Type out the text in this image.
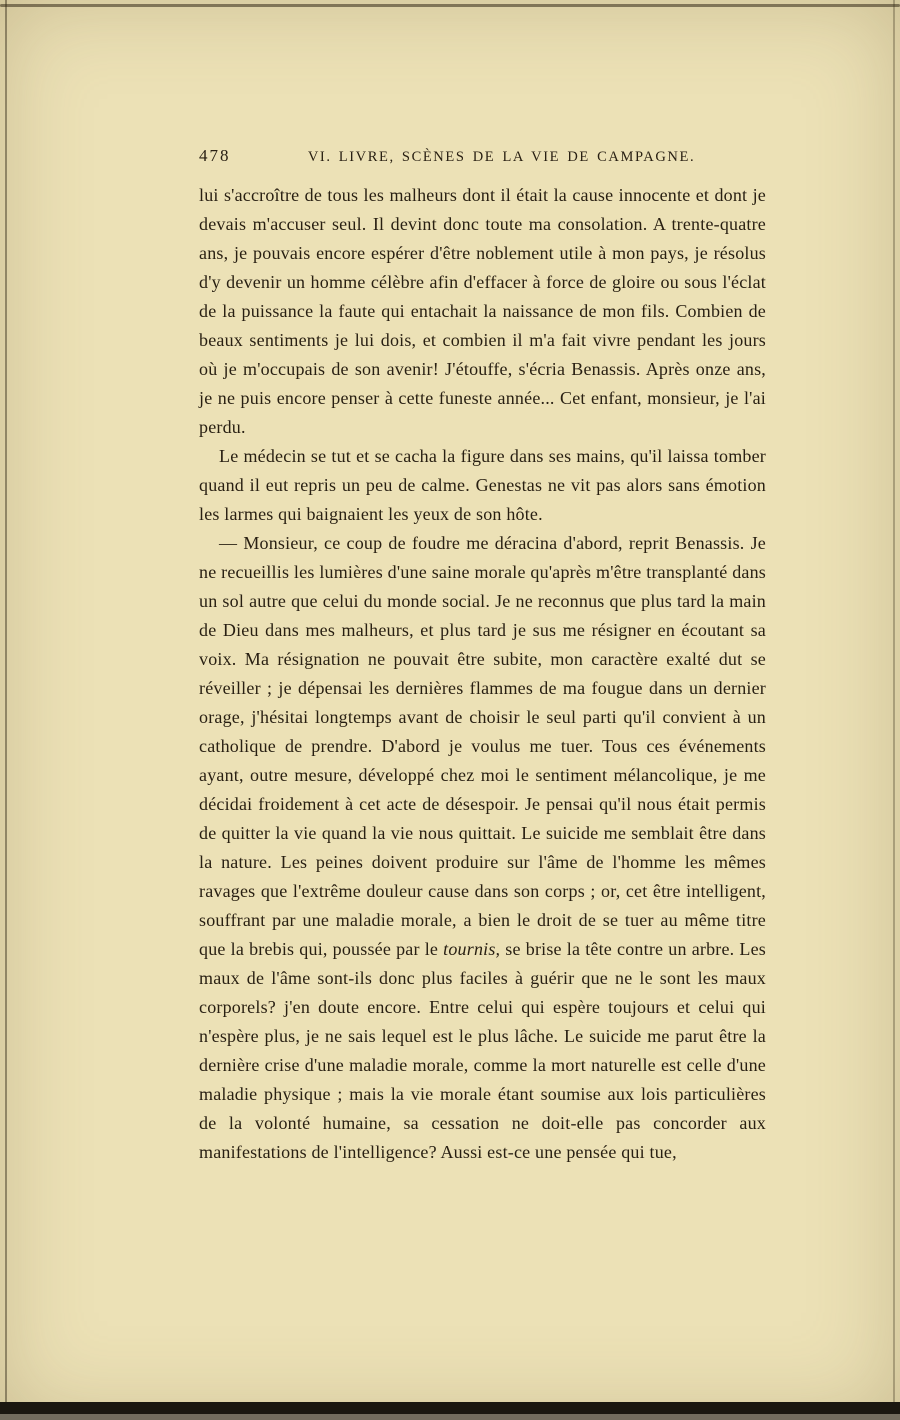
478	VI. LIVRE, SCÈNES DE LA VIE DE CAMPAGNE.

lui s'accroître de tous les malheurs dont il était la cause innocente et dont je devais m'accuser seul. Il devint donc toute ma consolation. A trente-quatre ans, je pouvais encore espérer d'être noblement utile à mon pays, je résolus d'y devenir un homme célèbre afin d'effacer à force de gloire ou sous l'éclat de la puissance la faute qui entachait la naissance de mon fils. Combien de beaux sentiments je lui dois, et combien il m'a fait vivre pendant les jours où je m'occupais de son avenir! J'étouffe, s'écria Benassis. Après onze ans, je ne puis encore penser à cette funeste année... Cet enfant, monsieur, je l'ai perdu.

Le médecin se tut et se cacha la figure dans ses mains, qu'il laissa tomber quand il eut repris un peu de calme. Genestas ne vit pas alors sans émotion les larmes qui baignaient les yeux de son hôte.

— Monsieur, ce coup de foudre me déracina d'abord, reprit Benassis. Je ne recueillis les lumières d'une saine morale qu'après m'être transplanté dans un sol autre que celui du monde social. Je ne reconnus que plus tard la main de Dieu dans mes malheurs, et plus tard je sus me résigner en écoutant sa voix. Ma résignation ne pouvait être subite, mon caractère exalté dut se réveiller ; je dépensai les dernières flammes de ma fougue dans un dernier orage, j'hésitai longtemps avant de choisir le seul parti qu'il convient à un catholique de prendre. D'abord je voulus me tuer. Tous ces événements ayant, outre mesure, développé chez moi le sentiment mélancolique, je me décidai froidement à cet acte de désespoir. Je pensai qu'il nous était permis de quitter la vie quand la vie nous quittait. Le suicide me semblait être dans la nature. Les peines doivent produire sur l'âme de l'homme les mêmes ravages que l'extrême douleur cause dans son corps ; or, cet être intelligent, souffrant par une maladie morale, a bien le droit de se tuer au même titre que la brebis qui, poussée par le tournis, se brise la tête contre un arbre. Les maux de l'âme sont-ils donc plus faciles à guérir que ne le sont les maux corporels? j'en doute encore. Entre celui qui espère toujours et celui qui n'espère plus, je ne sais lequel est le plus lâche. Le suicide me parut être la dernière crise d'une maladie morale, comme la mort naturelle est celle d'une maladie physique ; mais la vie morale étant soumise aux lois particulières de la volonté humaine, sa cessation ne doit-elle pas concorder aux manifestations de l'intelligence? Aussi est-ce une pensée qui tue,
